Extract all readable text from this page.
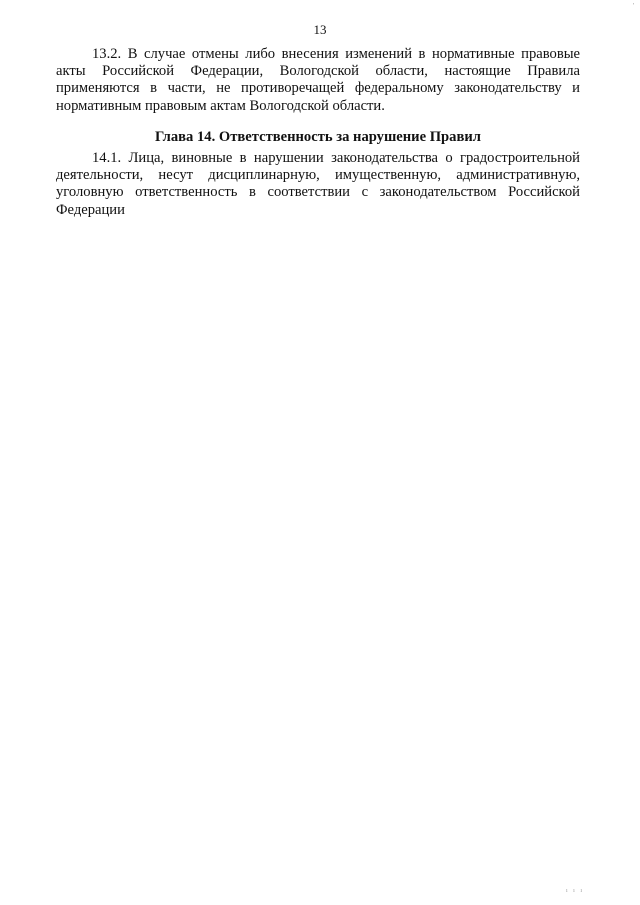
'
13

13.2. В случае отмены либо внесения изменений в нормативные правовые акты Российской Федерации, Вологодской области, настоящие Правила применяются в части, не противоречащей федеральному законодательству и нормативным правовым актам Вологодской области.

Глава 14. Ответственность за нарушение Правил

14.1. Лица, виновные в нарушении законодательства о градостроительной деятельности, несут дисциплинарную, имущественную, административную, уголовную ответственность в соответствии с законодательством Российской Федерации

ı ı ı
